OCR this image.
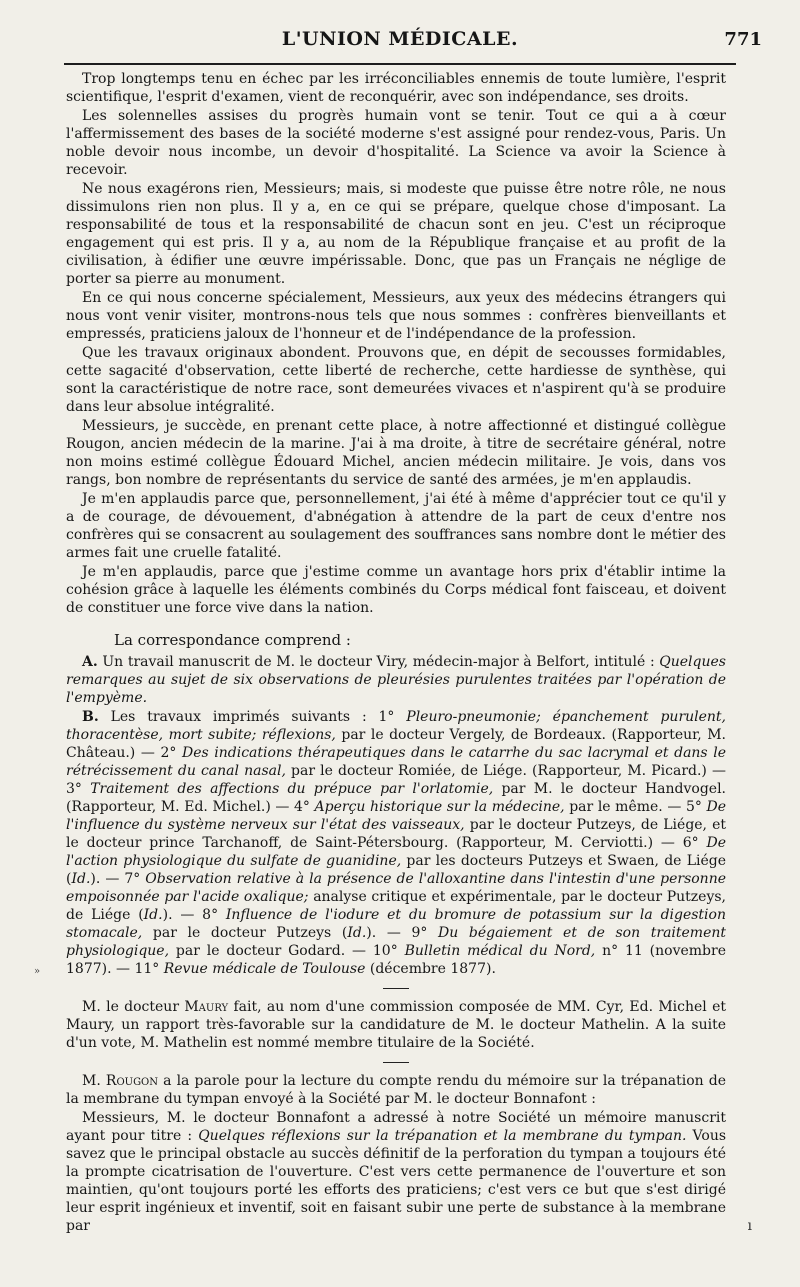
L'UNION MÉDICALE.	771

Trop longtemps tenu en échec par les irréconciliables ennemis de toute lumière, l'esprit scientifique, l'esprit d'examen, vient de reconquérir, avec son indépendance, ses droits.

Les solennelles assises du progrès humain vont se tenir. Tout ce qui a à cœur l'affermissement des bases de la société moderne s'est assigné pour rendez-vous, Paris. Un noble devoir nous incombe, un devoir d'hospitalité. La Science va avoir la Science à recevoir.

Ne nous exagérons rien, Messieurs; mais, si modeste que puisse être notre rôle, ne nous dissimulons rien non plus. Il y a, en ce qui se prépare, quelque chose d'imposant. La responsabilité de tous et la responsabilité de chacun sont en jeu. C'est un réciproque engagement qui est pris. Il y a, au nom de la République française et au profit de la civilisation, à édifier une œuvre impérissable. Donc, que pas un Français ne néglige de porter sa pierre au monument.

En ce qui nous concerne spécialement, Messieurs, aux yeux des médecins étrangers qui nous vont venir visiter, montrons-nous tels que nous sommes : confrères bienveillants et empressés, praticiens jaloux de l'honneur et de l'indépendance de la profession.

Que les travaux originaux abondent. Prouvons que, en dépit de secousses formidables, cette sagacité d'observation, cette liberté de recherche, cette hardiesse de synthèse, qui sont la caractéristique de notre race, sont demeurées vivaces et n'aspirent qu'à se produire dans leur absolue intégralité.

Messieurs, je succède, en prenant cette place, à notre affectionné et distingué collègue Rougon, ancien médecin de la marine. J'ai à ma droite, à titre de secrétaire général, notre non moins estimé collègue Édouard Michel, ancien médecin militaire. Je vois, dans vos rangs, bon nombre de représentants du service de santé des armées, je m'en applaudis.

Je m'en applaudis parce que, personnellement, j'ai été à même d'apprécier tout ce qu'il y a de courage, de dévouement, d'abnégation à attendre de la part de ceux d'entre nos confrères qui se consacrent au soulagement des souffrances sans nombre dont le métier des armes fait une cruelle fatalité.

Je m'en applaudis, parce que j'estime comme un avantage hors prix d'établir intime la cohésion grâce à laquelle les éléments combinés du Corps médical font faisceau, et doivent de constituer une force vive dans la nation.

La correspondance comprend :

A. Un travail manuscrit de M. le docteur Viry, médecin-major à Belfort, intitulé : Quelques remarques au sujet de six observations de pleurésies purulentes traitées par l'opération de l'empyème.

B. Les travaux imprimés suivants : 1° Pleuro-pneumonie; épanchement purulent, thoracentèse, mort subite; réflexions, par le docteur Vergely, de Bordeaux. (Rapporteur, M. Château.) — 2° Des indications thérapeutiques dans le catarrhe du sac lacrymal et dans le rétrécissement du canal nasal, par le docteur Romiée, de Liége. (Rapporteur, M. Picard.) — 3° Traitement des affections du prépuce par l'orlatomie, par M. le docteur Handvogel. (Rapporteur, M. Ed. Michel.) — 4° Aperçu historique sur la médecine, par le même. — 5° De l'influence du système nerveux sur l'état des vaisseaux, par le docteur Putzeys, de Liége, et le docteur prince Tarchanoff, de Saint-Pétersbourg. (Rapporteur, M. Cerviotti.) — 6° De l'action physiologique du sulfate de guanidine, par les docteurs Putzeys et Swaen, de Liége (Id.). — 7° Observation relative à la présence de l'alloxantine dans l'intestin d'une personne empoisonnée par l'acide oxalique; analyse critique et expérimentale, par le docteur Putzeys, de Liége (Id.). — 8° Influence de l'iodure et du bromure de potassium sur la digestion stomacale, par le docteur Putzeys (Id.). — 9° Du bégaiement et de son traitement physiologique, par le docteur Godard. — 10° Bulletin médical du Nord, n° 11 (novembre 1877). — 11° Revue médicale de Toulouse (décembre 1877).

M. le docteur Maury fait, au nom d'une commission composée de MM. Cyr, Ed. Michel et Maury, un rapport très-favorable sur la candidature de M. le docteur Mathelin. A la suite d'un vote, M. Mathelin est nommé membre titulaire de la Société.

M. Rougon a la parole pour la lecture du compte rendu du mémoire sur la trépanation de la membrane du tympan envoyé à la Société par M. le docteur Bonnafont :

Messieurs, M. le docteur Bonnafont a adressé à notre Société un mémoire manuscrit ayant pour titre : Quelques réflexions sur la trépanation et la membrane du tympan. Vous savez que le principal obstacle au succès définitif de la perforation du tympan a toujours été la prompte cicatrisation de l'ouverture. C'est vers cette permanence de l'ouverture et son maintien, qu'ont toujours porté les efforts des praticiens; c'est vers ce but que s'est dirigé leur esprit ingénieux et inventif, soit en faisant subir une perte de substance à la membrane par

»
ı
